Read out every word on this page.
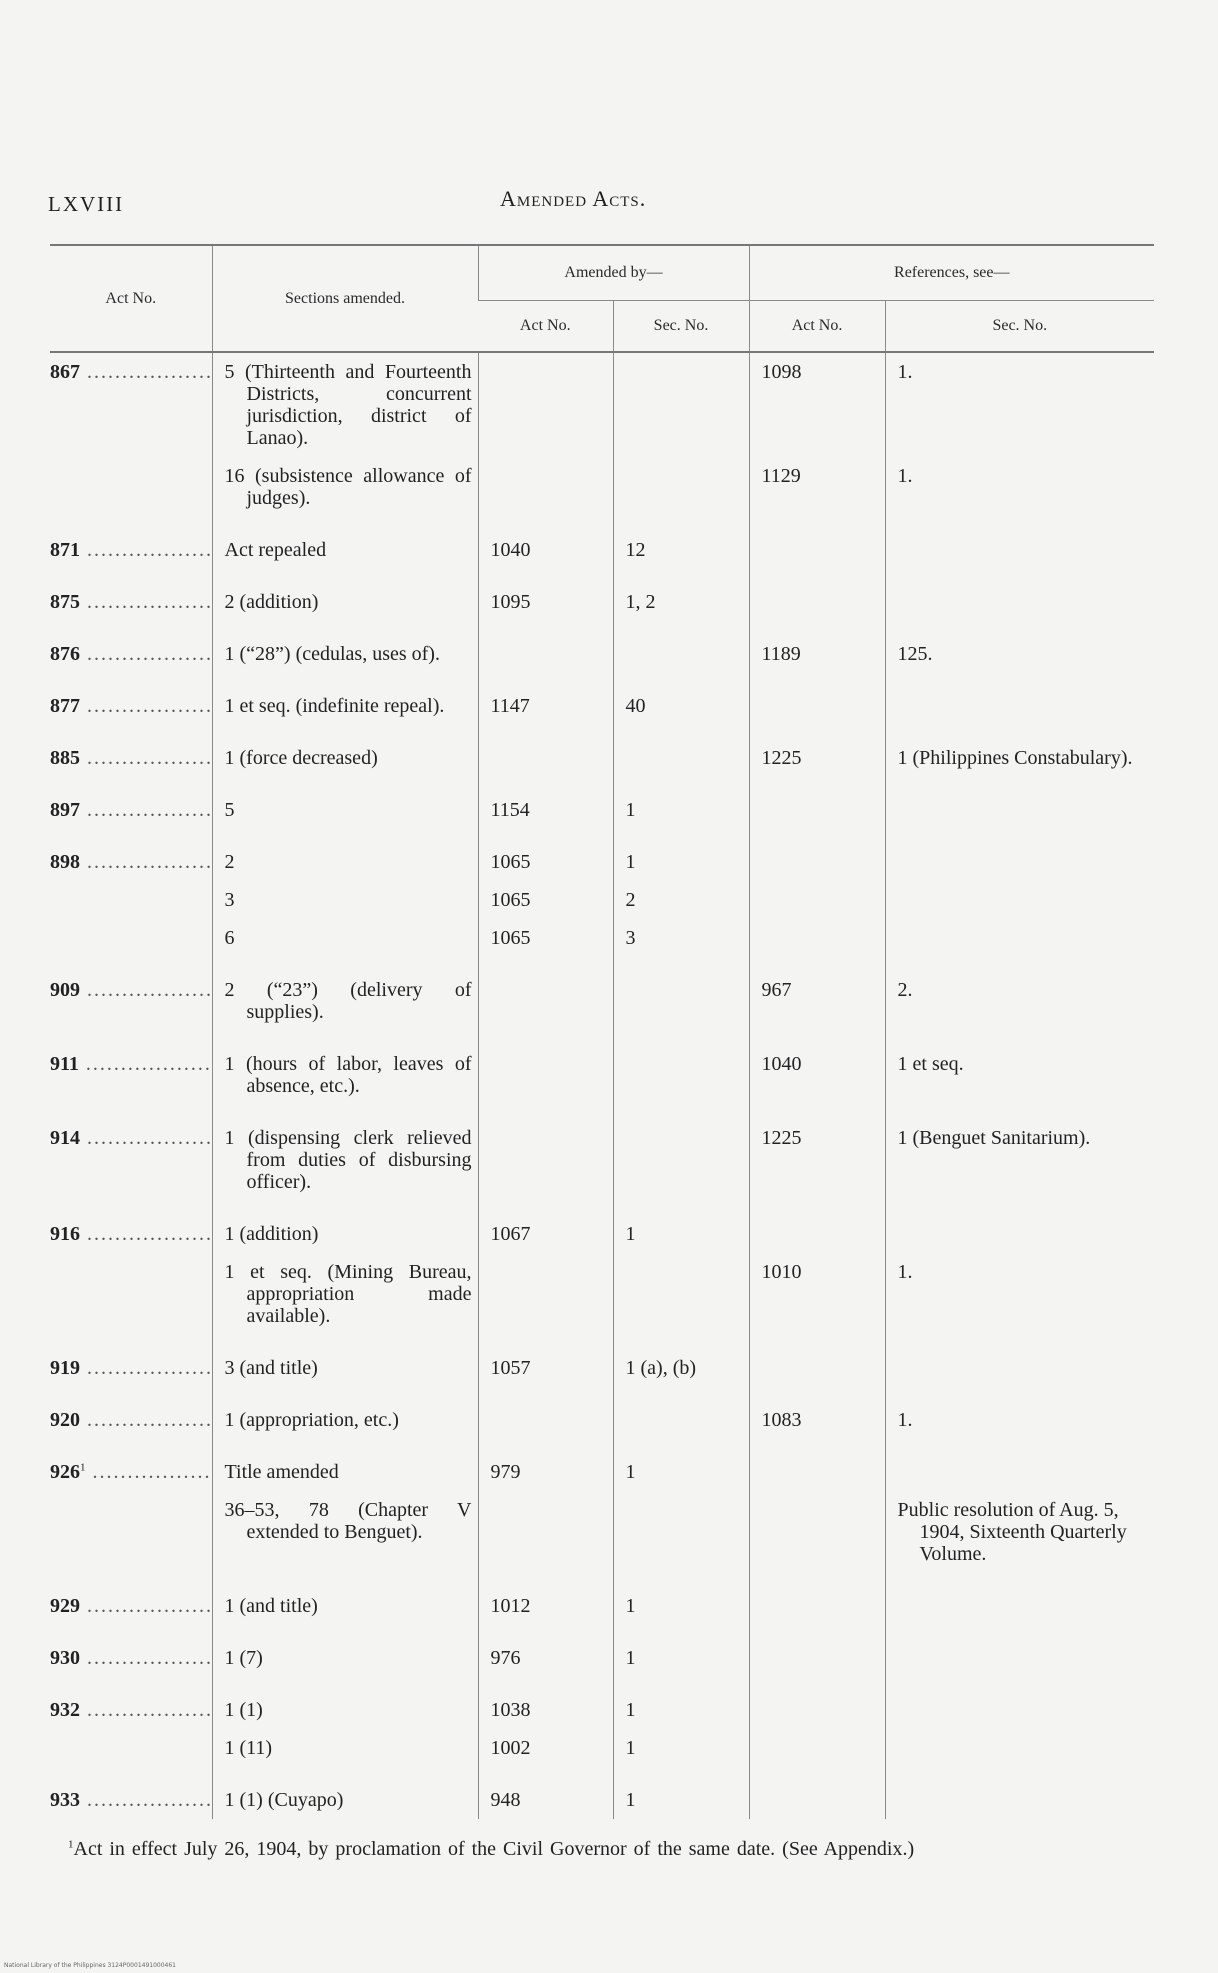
LXVIII	Amended Acts.
Act No.	Sections amended.	Amended by—		References, see—	
		Act No.	Sec. No.	Act No.	Sec. No.
867 .....	5 (Thirteenth and Fourteenth Districts, concurrent jurisdiction, district of Lanao).			1098	1.

	16 (subsistence allowance of judges).			1129	1.

871 .....	Act repealed	1040	12		

875 .....	2 (addition)	1095	1, 2		

876 .....	1 (“28”) (cedulas, uses of).			1189	125.

877 .....	1 et seq. (indefinite repeal).	1147	40		

885 .....	1 (force decreased)			1225	1 (Philippines Constabulary).

897 .....	5	1154	1		

898 .....	2	1065	1		

	3	1065	2		

	6	1065	3		

909 .....	2 (“23”) (delivery of supplies).			967	2.

911 .....	1 (hours of labor, leaves of absence, etc.).			1040	1 et seq.

914 .....	1 (dispensing clerk relieved from duties of disbursing officer).			1225	1 (Benguet Sanitarium).

916 .....	1 (addition)	1067	1		

	1 et seq. (Mining Bureau, appropriation made available).			1010	1.

919 .....	3 (and title)	1057	1 (a), (b)		

920 .....	1 (appropriation, etc.)			1083	1.

$926^1$ .....	Title amended	979	1		

	36–53, 78 (Chapter V extended to Benguet).				Public resolution of Aug. 5, 1904, Sixteenth Quarterly Volume.

929 .....	1 (and title)	1012	1		

930 .....	1 (7)	976	1		

932 .....	1 (1)	1038	1		

	1 (11)	1002	1		

933 .....	1 (1) (Cuyapo)	948	1		
$^1$Act in effect July 26, 1904, by proclamation of the Civil Governor of the same date. (See Appendix.)
National Library of the Philippines 3124P0001491000461
